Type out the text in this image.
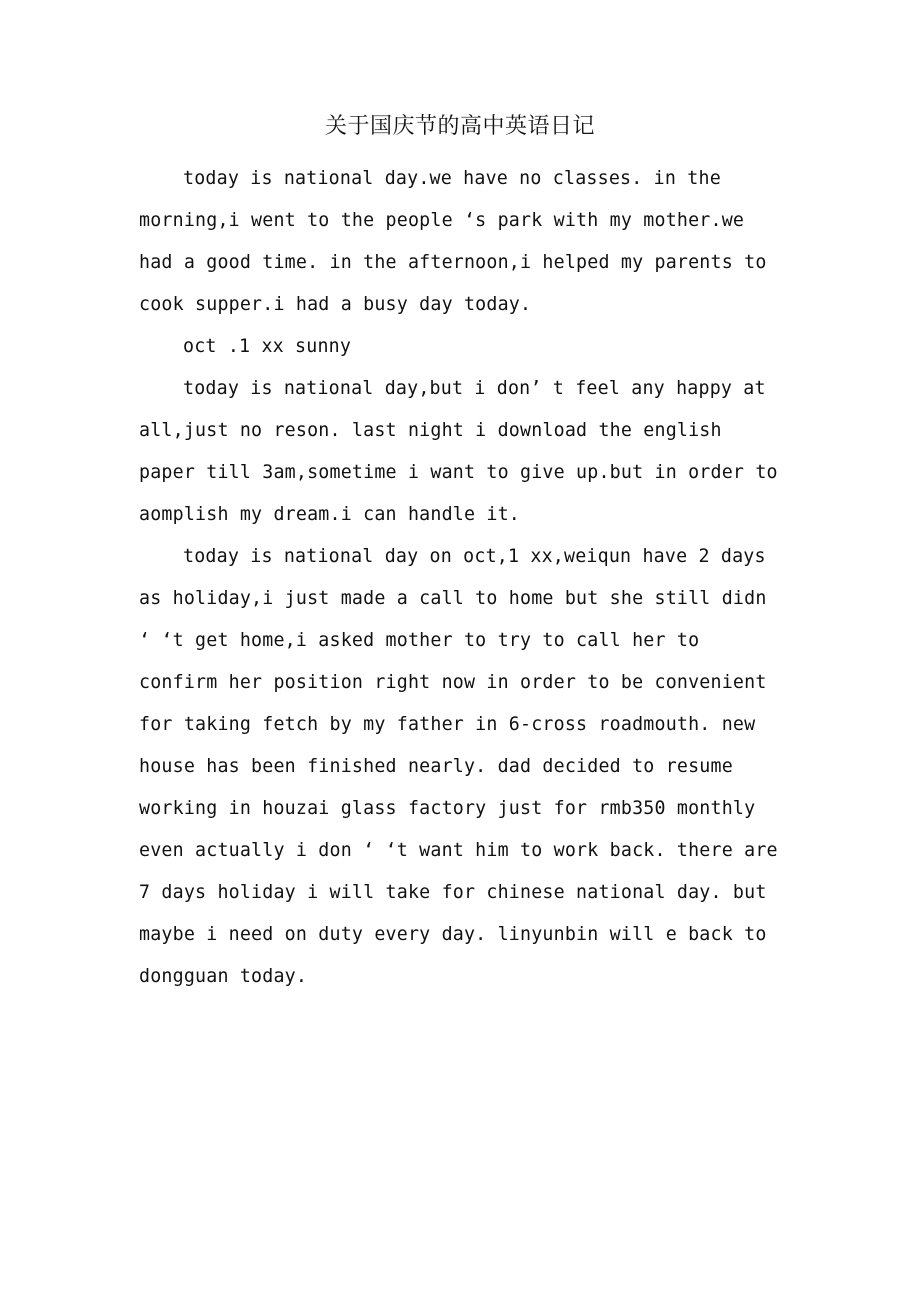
关于国庆节的高中英语日记

today is national day.we have no classes. in the morning,i went to the people ‘s park with my mother.we had a good time. in the afternoon,i helped my parents to cook supper.i had a busy day today.

oct .1 xx sunny

today is national day,but i don’ t feel any happy at all,just no reson. last night i download the english paper till 3am,sometime i want to give up.but in order to aomplish my dream.i can handle it.

today is national day on oct,1 xx,weiqun have 2 days as holiday,i just made a call to home but she still didn ‘ ‘t get home,i asked mother to try to call her to confirm her position right now in order to be convenient for taking fetch by my father in 6-cross roadmouth. new house has been finished nearly. dad decided to resume working in houzai glass factory just for rmb350 monthly even actually i don ‘ ‘t want him to work back. there are 7 days holiday i will take for chinese national day. but maybe i need on duty every day. linyunbin will e back to dongguan today.
